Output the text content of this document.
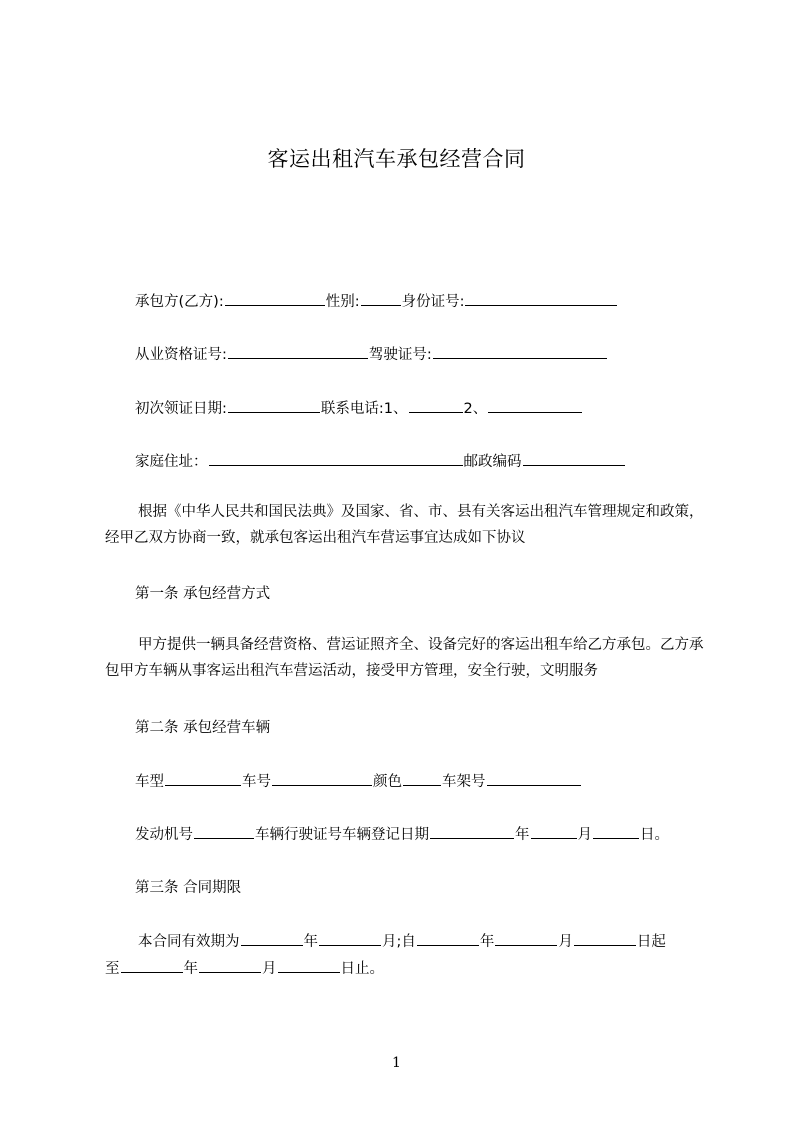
客运出租汽车承包经营合同
承包方(乙方):	性别:	身份证号:
从业资格证号:	驾驶证号:
初次领证日期:	联系电话:1、	2、
家庭住址：	邮政编码
根据《中华人民共和国民法典》及国家、省、市、县有关客运出租汽车管理规定和政策，经甲乙双方协商一致，就承包客运出租汽车营运事宜达成如下协议
第一条 承包经营方式
甲方提供一辆具备经营资格、营运证照齐全、设备完好的客运出租车给乙方承包。乙方承包甲方车辆从事客运出租汽车营运活动，接受甲方管理，安全行驶，文明服务
第二条 承包经营车辆
车型	车号	颜色	车架号
发动机号	车辆行驶证号车辆登记日期	年	月	日。
第三条 合同期限
本合同有效期为	年	月;自	年	月	日起
至	年	月	日止。
1
